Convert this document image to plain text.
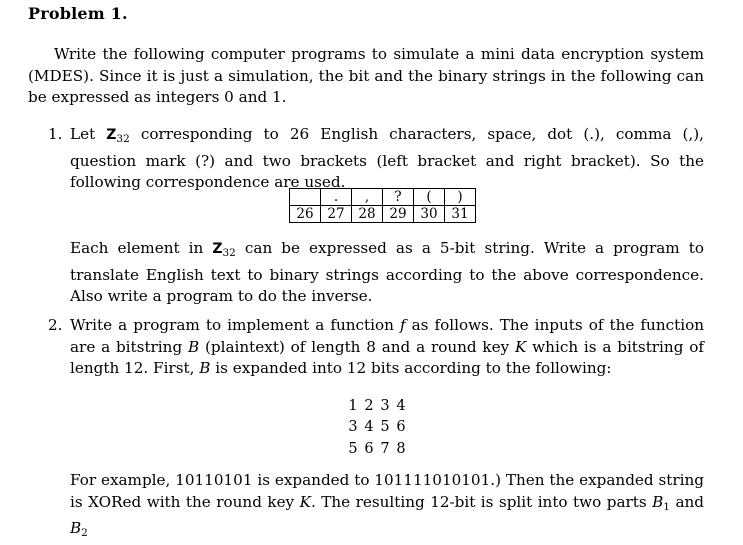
Problem 1.
Write the following computer programs to simulate a mini data encryption system (MDES). Since it is just a simulation, the bit and the binary strings in the following can be expressed as integers 0 and 1.
1. Let $Z_{32}$ corresponding to 26 English characters, space, dot (.), comma (,), question mark (?) and two brackets (left bracket and right bracket). So the following correspondence are used.
	.	,	?	(	)
26	27	28	29	30	31
Each element in $Z_{32}$ can be expressed as a 5-bit string. Write a program to translate English text to binary strings according to the above correspondence. Also write a program to do the inverse.
2. Write a program to implement a function f as follows. The inputs of the function are a bitstring B (plaintext) of length 8 and a round key K which is a bitstring of length 12. First, B is expanded into 12 bits according to the following:
1 2 3 4
3 4 5 6
5 6 7 8
For example, 10110101 is expanded to 101111010101.) Then the expanded string is XORed with the round key K. The resulting 12-bit is split into two parts $B_1$ and $B_2$
